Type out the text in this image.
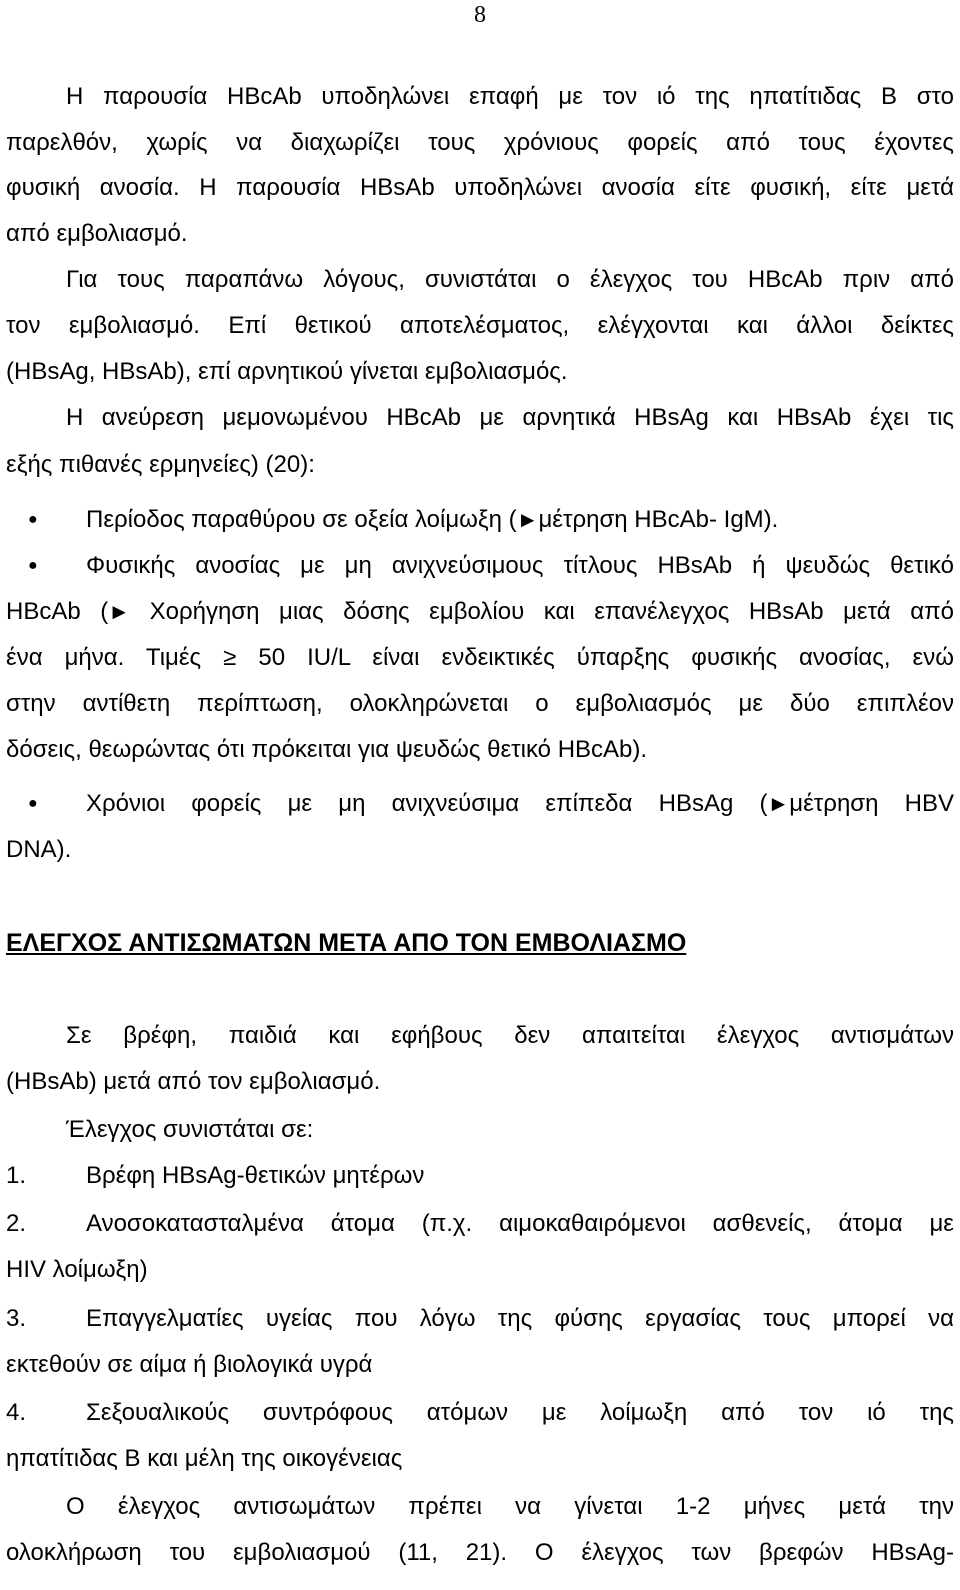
8
Η παρουσία HBcAb υποδηλώνει επαφή με τον ιό της ηπατίτιδας Β στο
παρελθόν, χωρίς να διαχωρίζει τους χρόνιους φορείς από τους έχοντες
φυσική ανοσία. Η παρουσία HBsAb υποδηλώνει ανοσία είτε φυσική, είτε μετά
από εμβολιασμό.
Για τους παραπάνω λόγους, συνιστάται ο έλεγχος του HBcAb πριν από
τον εμβολιασμό. Επί θετικού αποτελέσματος, ελέγχονται και άλλοι δείκτες
(HBsAg, HBsAb), επί αρνητικού γίνεται εμβολιασμός.
Η ανεύρεση μεμονωμένου HBcAb με αρνητικά HBsAg και HBsAb έχει τις
εξής πιθανές ερμηνείες) (20):
● Περίοδος παραθύρου σε οξεία λοίμωξη (►μέτρηση HBcAb- IgM).
● Φυσικής ανοσίας με μη ανιχνεύσιμους τίτλους HBsAb ή ψευδώς θετικό
HBcAb (► Χορήγηση μιας δόσης εμβολίου και επανέλεγχος HBsAb μετά από
ένα μήνα. Τιμές ≥ 50 IU/L είναι ενδεικτικές ύπαρξης φυσικής ανοσίας, ενώ
στην αντίθετη περίπτωση, ολοκληρώνεται ο εμβολιασμός με δύο επιπλέον
δόσεις, θεωρώντας ότι πρόκειται για ψευδώς θετικό HBcAb).
● Χρόνιοι φορείς με μη ανιχνεύσιμα επίπεδα HBsAg (►μέτρηση HBV
DNA).
ΕΛΕΓΧΟΣ ΑΝΤΙΣΩΜΑΤΩΝ ΜΕΤΑ ΑΠΟ ΤΟΝ ΕΜΒΟΛΙΑΣΜΟ
Σε βρέφη, παιδιά και εφήβους δεν απαιτείται έλεγχος αντισμάτων
(HBsAb) μετά από τον εμβολιασμό.
Έλεγχος συνιστάται σε:
1. Βρέφη HBsAg-θετικών μητέρων
2. Ανοσοκατασταλμένα άτομα (π.χ. αιμοκαθαιρόμενοι ασθενείς, άτομα με
HIV λοίμωξη)
3. Επαγγελματίες υγείας που λόγω της φύσης εργασίας τους μπορεί να
εκτεθούν σε αίμα ή βιολογικά υγρά
4. Σεξουαλικούς συντρόφους ατόμων με λοίμωξη από τον ιό της
ηπατίτιδας Β και μέλη της οικογένειας
Ο έλεγχος αντισωμάτων πρέπει να γίνεται 1-2 μήνες μετά την
ολοκλήρωση του εμβολιασμού (11, 21). Ο έλεγχος των βρεφών HBsAg-
